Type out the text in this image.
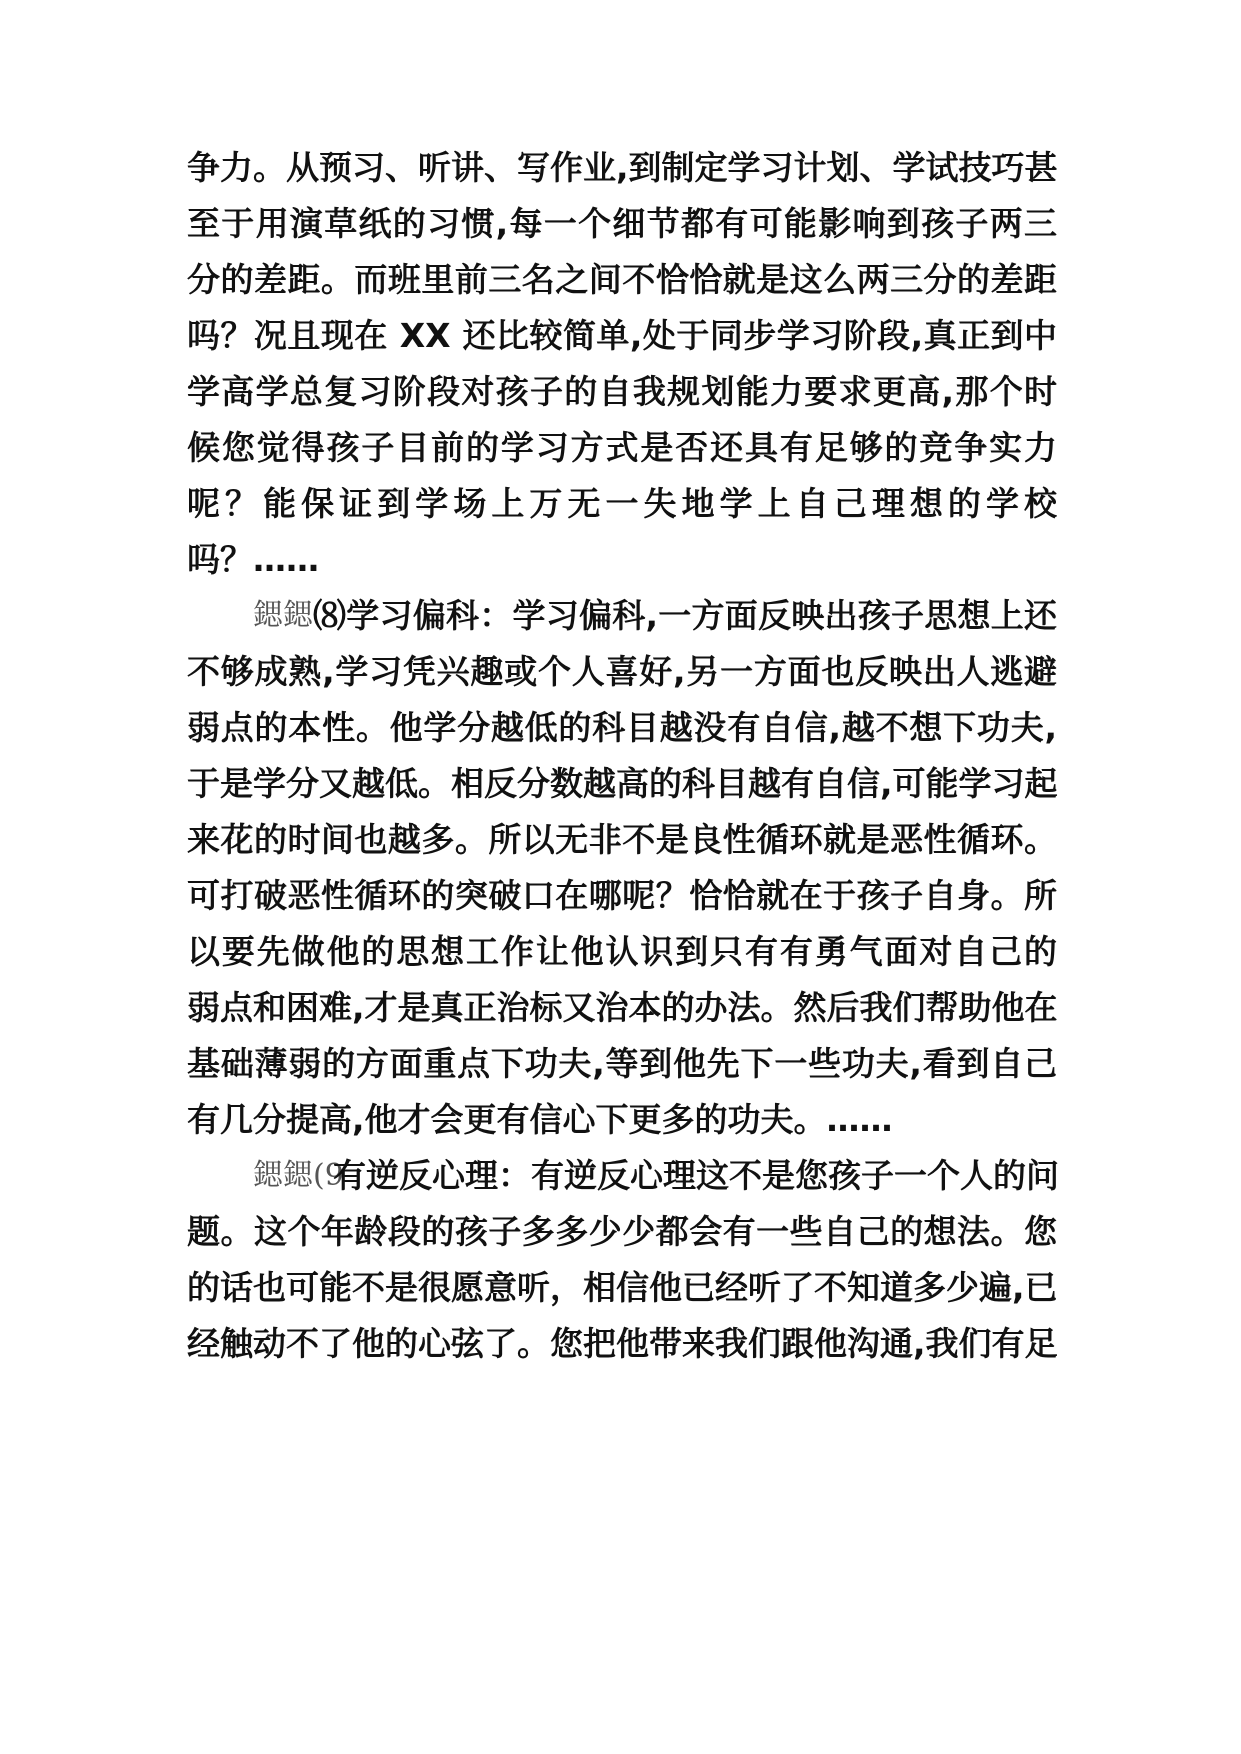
争力。从预习、听讲、写作业,到制定学习计划、学试技巧甚
至于用演草纸的习惯,每一个细节都有可能影响到孩子两三
分的差距。而班里前三名之间不恰恰就是这么两三分的差距
吗？况且现在 XX 还比较简单,处于同步学习阶段,真正到中
学高学总复习阶段对孩子的自我规划能力要求更高,那个时
候您觉得孩子目前的学习方式是否还具有足够的竞争实力
呢？能保证到学场上万无一失地学上自己理想的学校
吗？……
鍶鍶⑻学习偏科：学习偏科,一方面反映出孩子思想上还
不够成熟,学习凭兴趣或个人喜好,另一方面也反映出人逃避
弱点的本性。他学分越低的科目越没有自信,越不想下功夫,
于是学分又越低。相反分数越高的科目越有自信,可能学习起
来花的时间也越多。所以无非不是良性循环就是恶性循环。
可打破恶性循环的突破口在哪呢？恰恰就在于孩子自身。所
以要先做他的思想工作让他认识到只有有勇气面对自己的
弱点和困难,才是真正治标又治本的办法。然后我们帮助他在
基础薄弱的方面重点下功夫,等到他先下一些功夫,看到自己
有几分提高,他才会更有信心下更多的功夫。……
鍶鍶(9有逆反心理：有逆反心理这不是您孩子一个人的问
题。这个年龄段的孩子多多少少都会有一些自己的想法。您
的话也可能不是很愿意听，相信他已经听了不知道多少遍,已
经触动不了他的心弦了。您把他带来我们跟他沟通,我们有足
